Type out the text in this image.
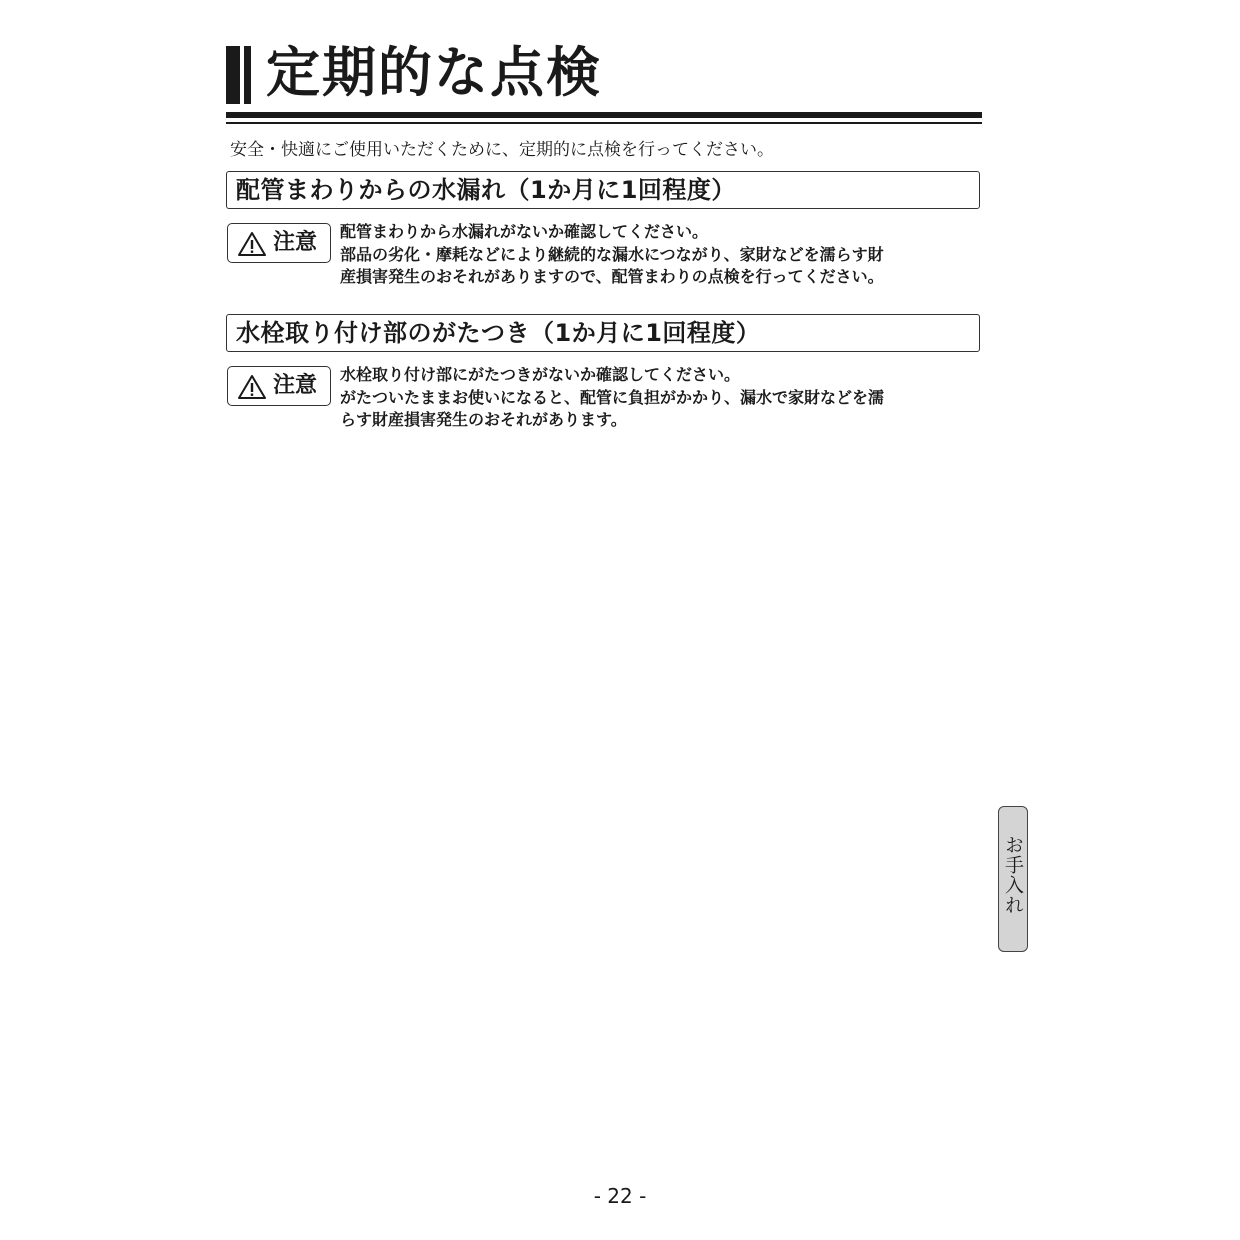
定期的な点検

安全・快適にご使用いただくために、定期的に点検を行ってください。

配管まわりからの水漏れ（1か月に1回程度）
注意 配管まわりから水漏れがないか確認してください。
部品の劣化・摩耗などにより継続的な漏水につながり、家財などを濡らす財
産損害発生のおそれがありますので、配管まわりの点検を行ってください。
水栓取り付け部のがたつき（1か月に1回程度）
注意 水栓取り付け部にがたつきがないか確認してください。
がたついたままお使いになると、配管に負担がかかり、漏水で家財などを濡
らす財産損害発生のおそれがあります。
お手入れ
- 22 -
